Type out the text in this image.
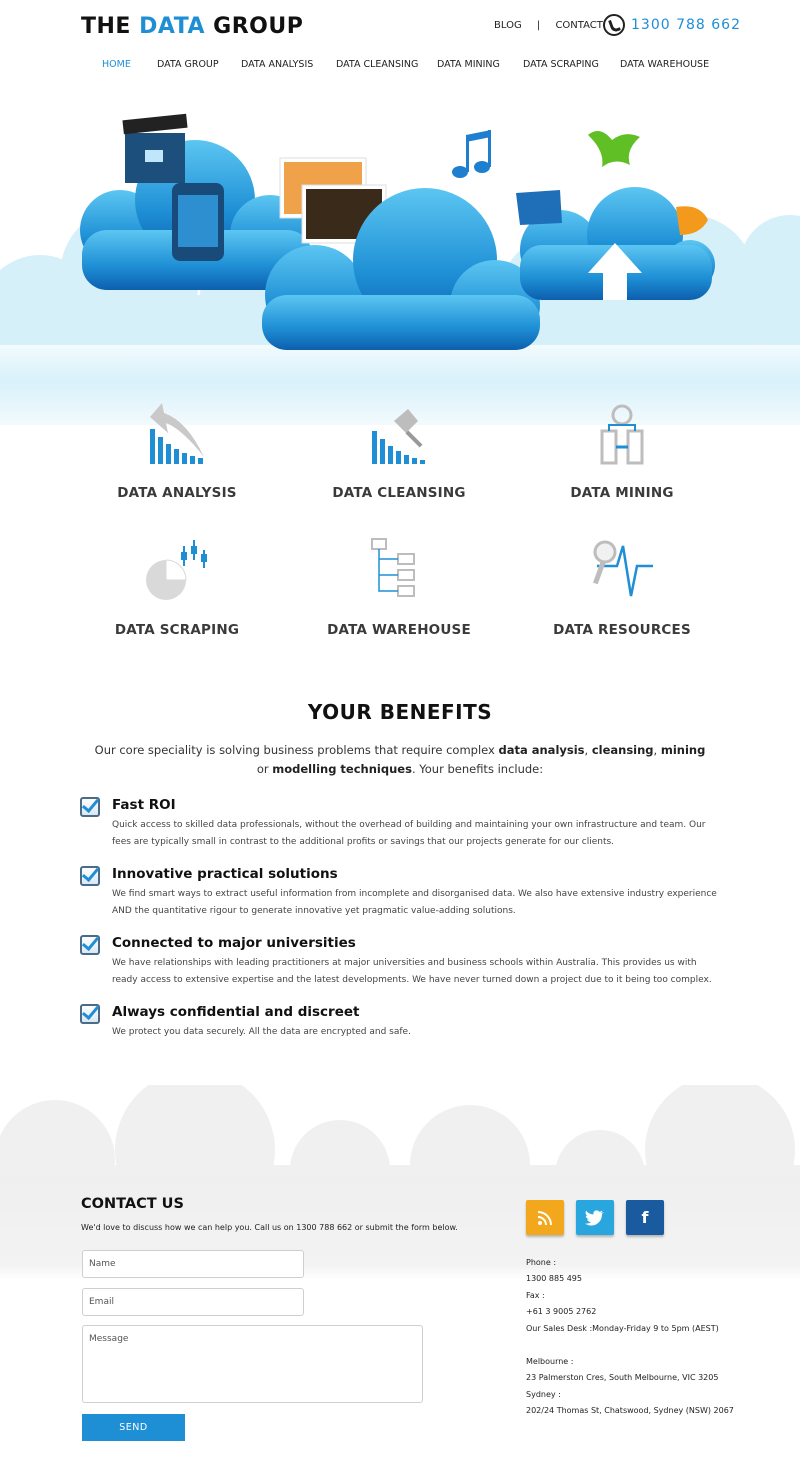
THE DATA GROUP	BLOG | CONTACT 1300 788 662
HOME	DATA GROUP DATA ANALYSIS DATA CLEANSING DATA MINING DATA SCRAPING DATA WAREHOUSE
DATA ANALYSIS	DATA CLEANSING	DATA MINING
DATA SCRAPING	DATA WAREHOUSE	DATA RESOURCES
YOUR BENEFITS

Our core speciality is solving business problems that require complex data analysis, cleansing, mining or modelling techniques. Your benefits include:

Fast ROI

Quick access to skilled data professionals, without the overhead of building and maintaining your own infrastructure and team. Our fees are typically small in contrast to the additional profits or savings that our projects generate for our clients.

Innovative practical solutions

We find smart ways to extract useful information from incomplete and disorganised data. We also have extensive industry experience AND the quantitative rigour to generate innovative yet pragmatic value-adding solutions.

Connected to major universities

We have relationships with leading practitioners at major universities and business schools within Australia. This provides us with ready access to extensive expertise and the latest developments. We have never turned down a project due to it being too complex.

Always confidential and discreet

We protect you data securely. All the data are encrypted and safe.

CONTACT US

We'd love to discuss how we can help you. Call us on 1300 788 662 or submit the form below.

Name
Email
Message
SEND
f
Phone :
1300 885 495
Fax :
+61 3 9005 2762
Our Sales Desk :Monday-Friday 9 to 5pm (AEST)
Melbourne :
23 Palmerston Cres, South Melbourne, VIC 3205
Sydney :
202/24 Thomas St, Chatswood, Sydney (NSW) 2067
